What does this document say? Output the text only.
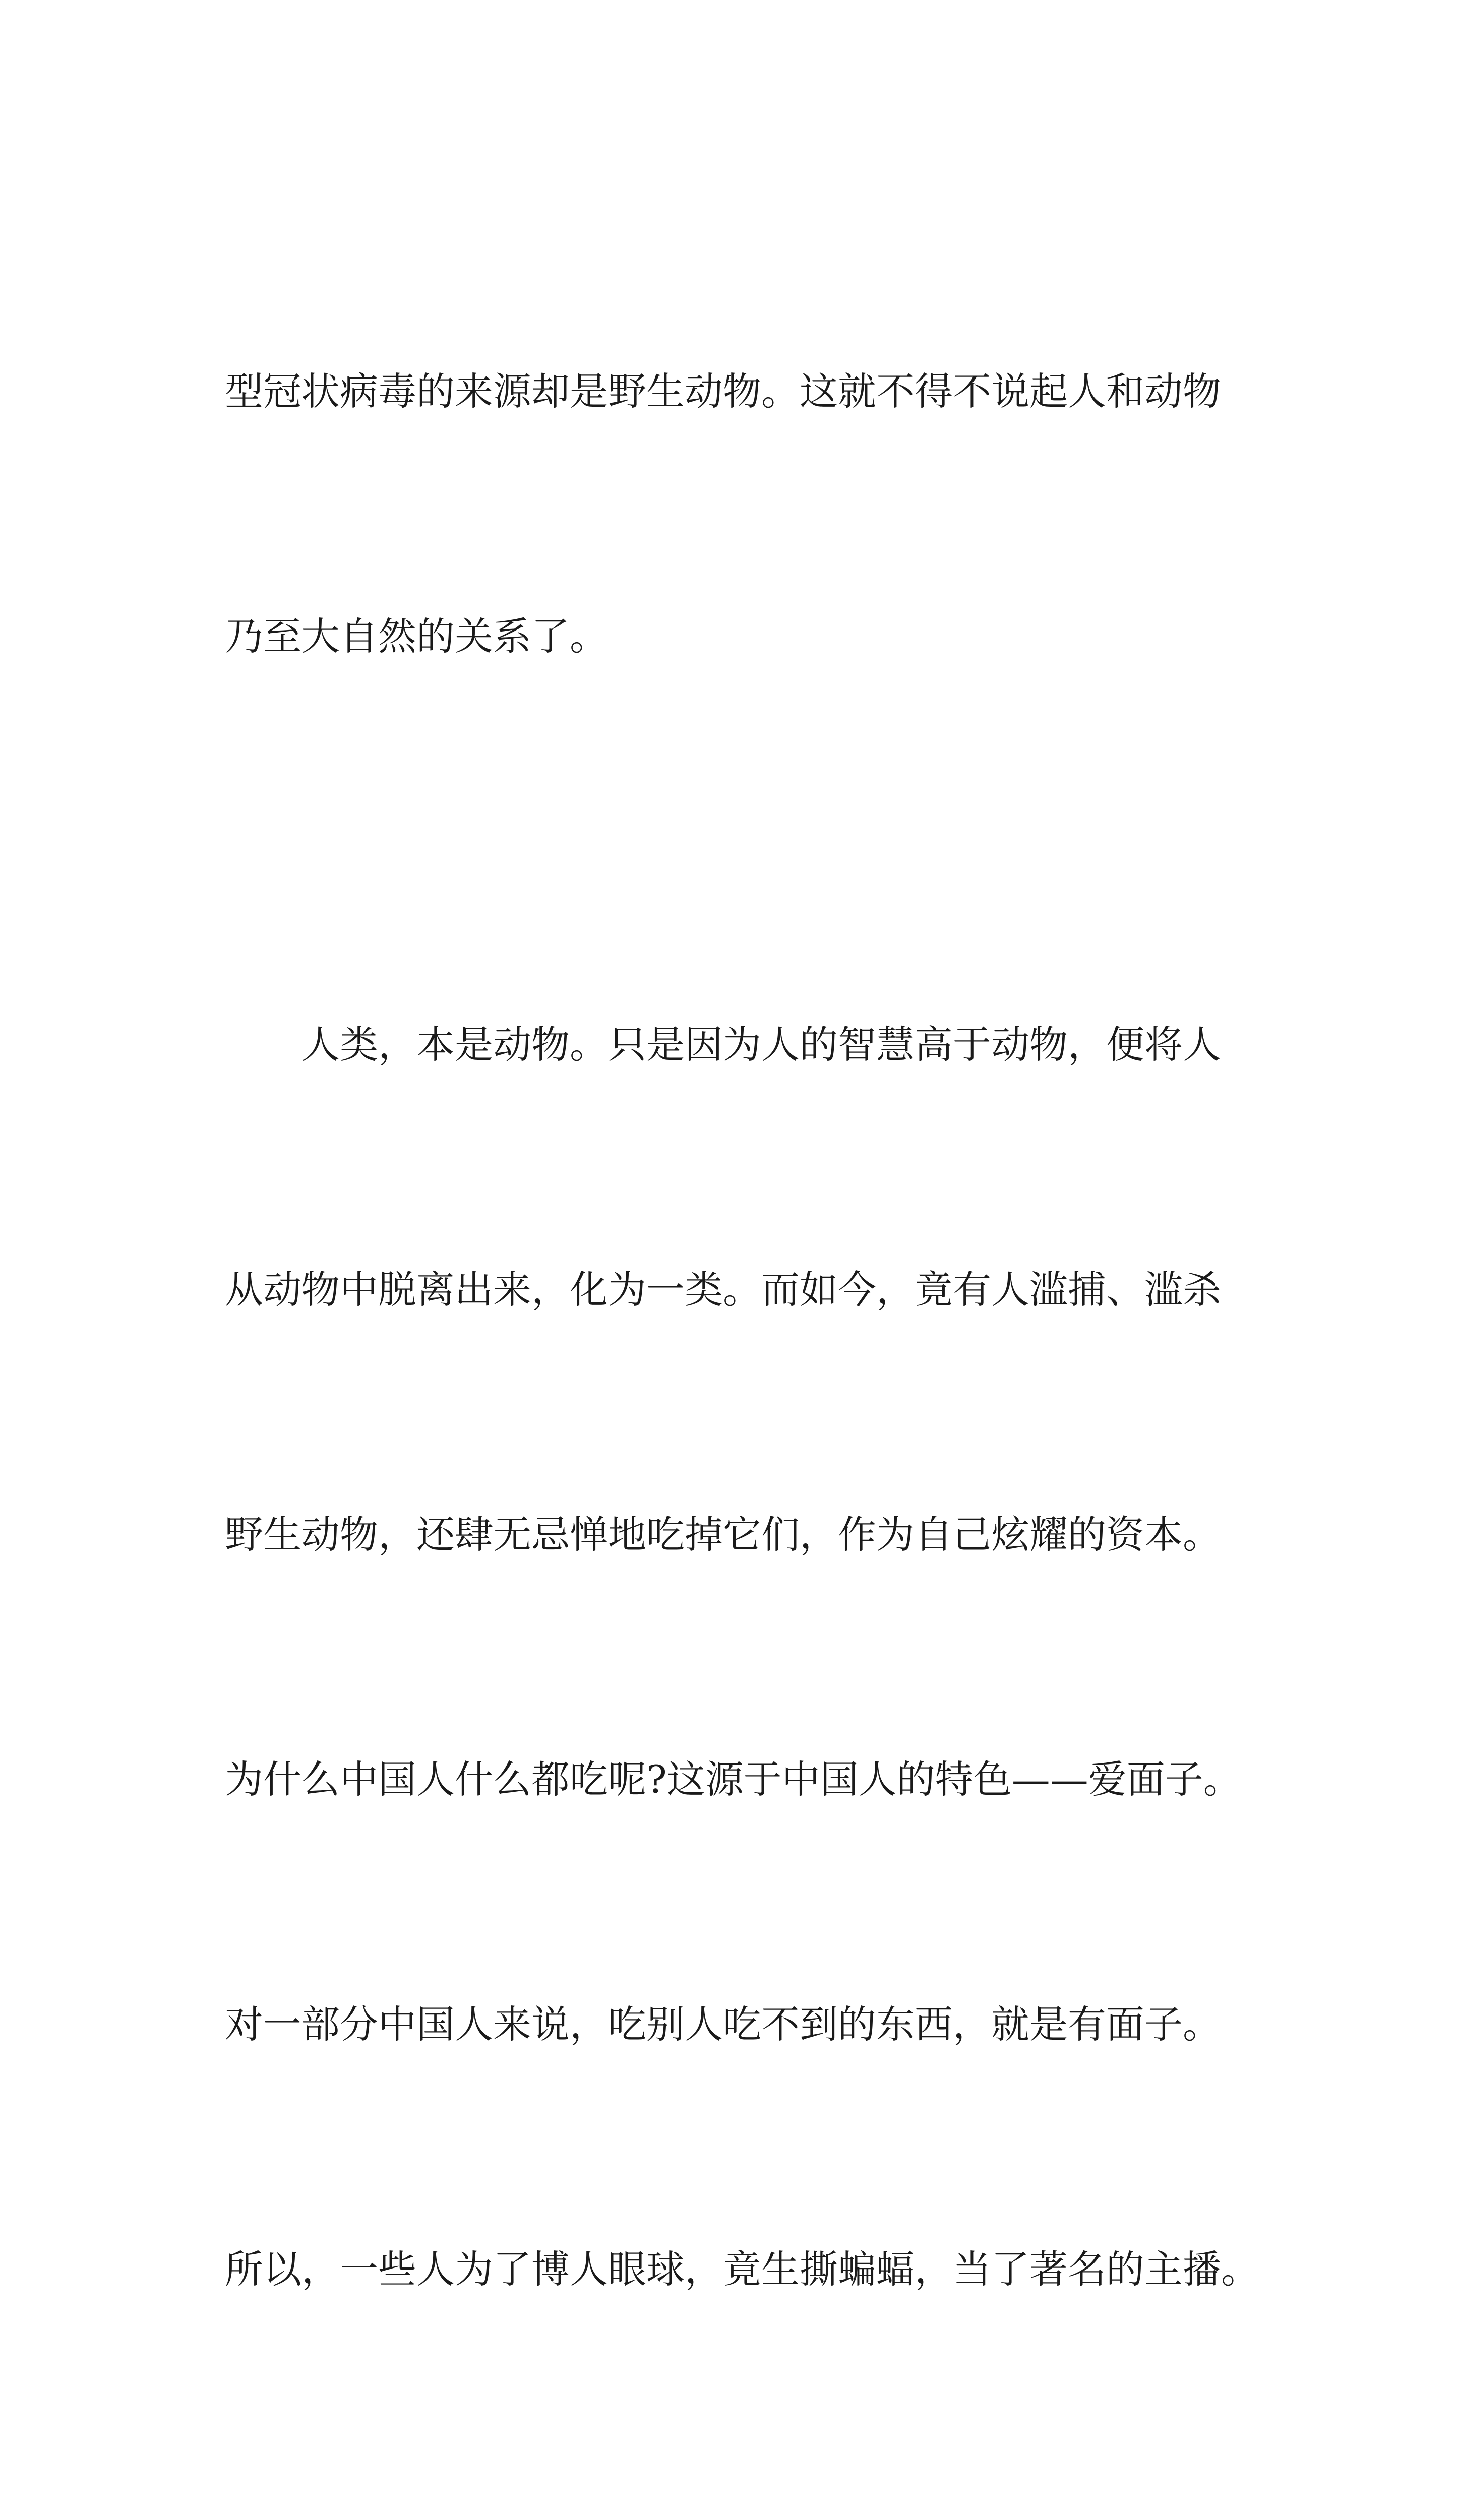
型冠状病毒的来源却是野生动物。这就不得不说起人和动物

乃至大自然的关系了。

　　人类，本是动物。只是因为人的智慧高于动物，便将人

从动物中脱离出来，化为一类。而如今，竟有人滥捕、滥杀

野生动物，还肆无忌惮地吃掉它们，作为自己炫耀的资本。

为什么中国人什么都吃呢?这源于中国人的特色——爱面子。

对一部分中国人来说，吃别人吃不到的东西，就是有面子。

所以，一些人为了博人眼球，竟生撕蝙蝠，当了著名的主播。
